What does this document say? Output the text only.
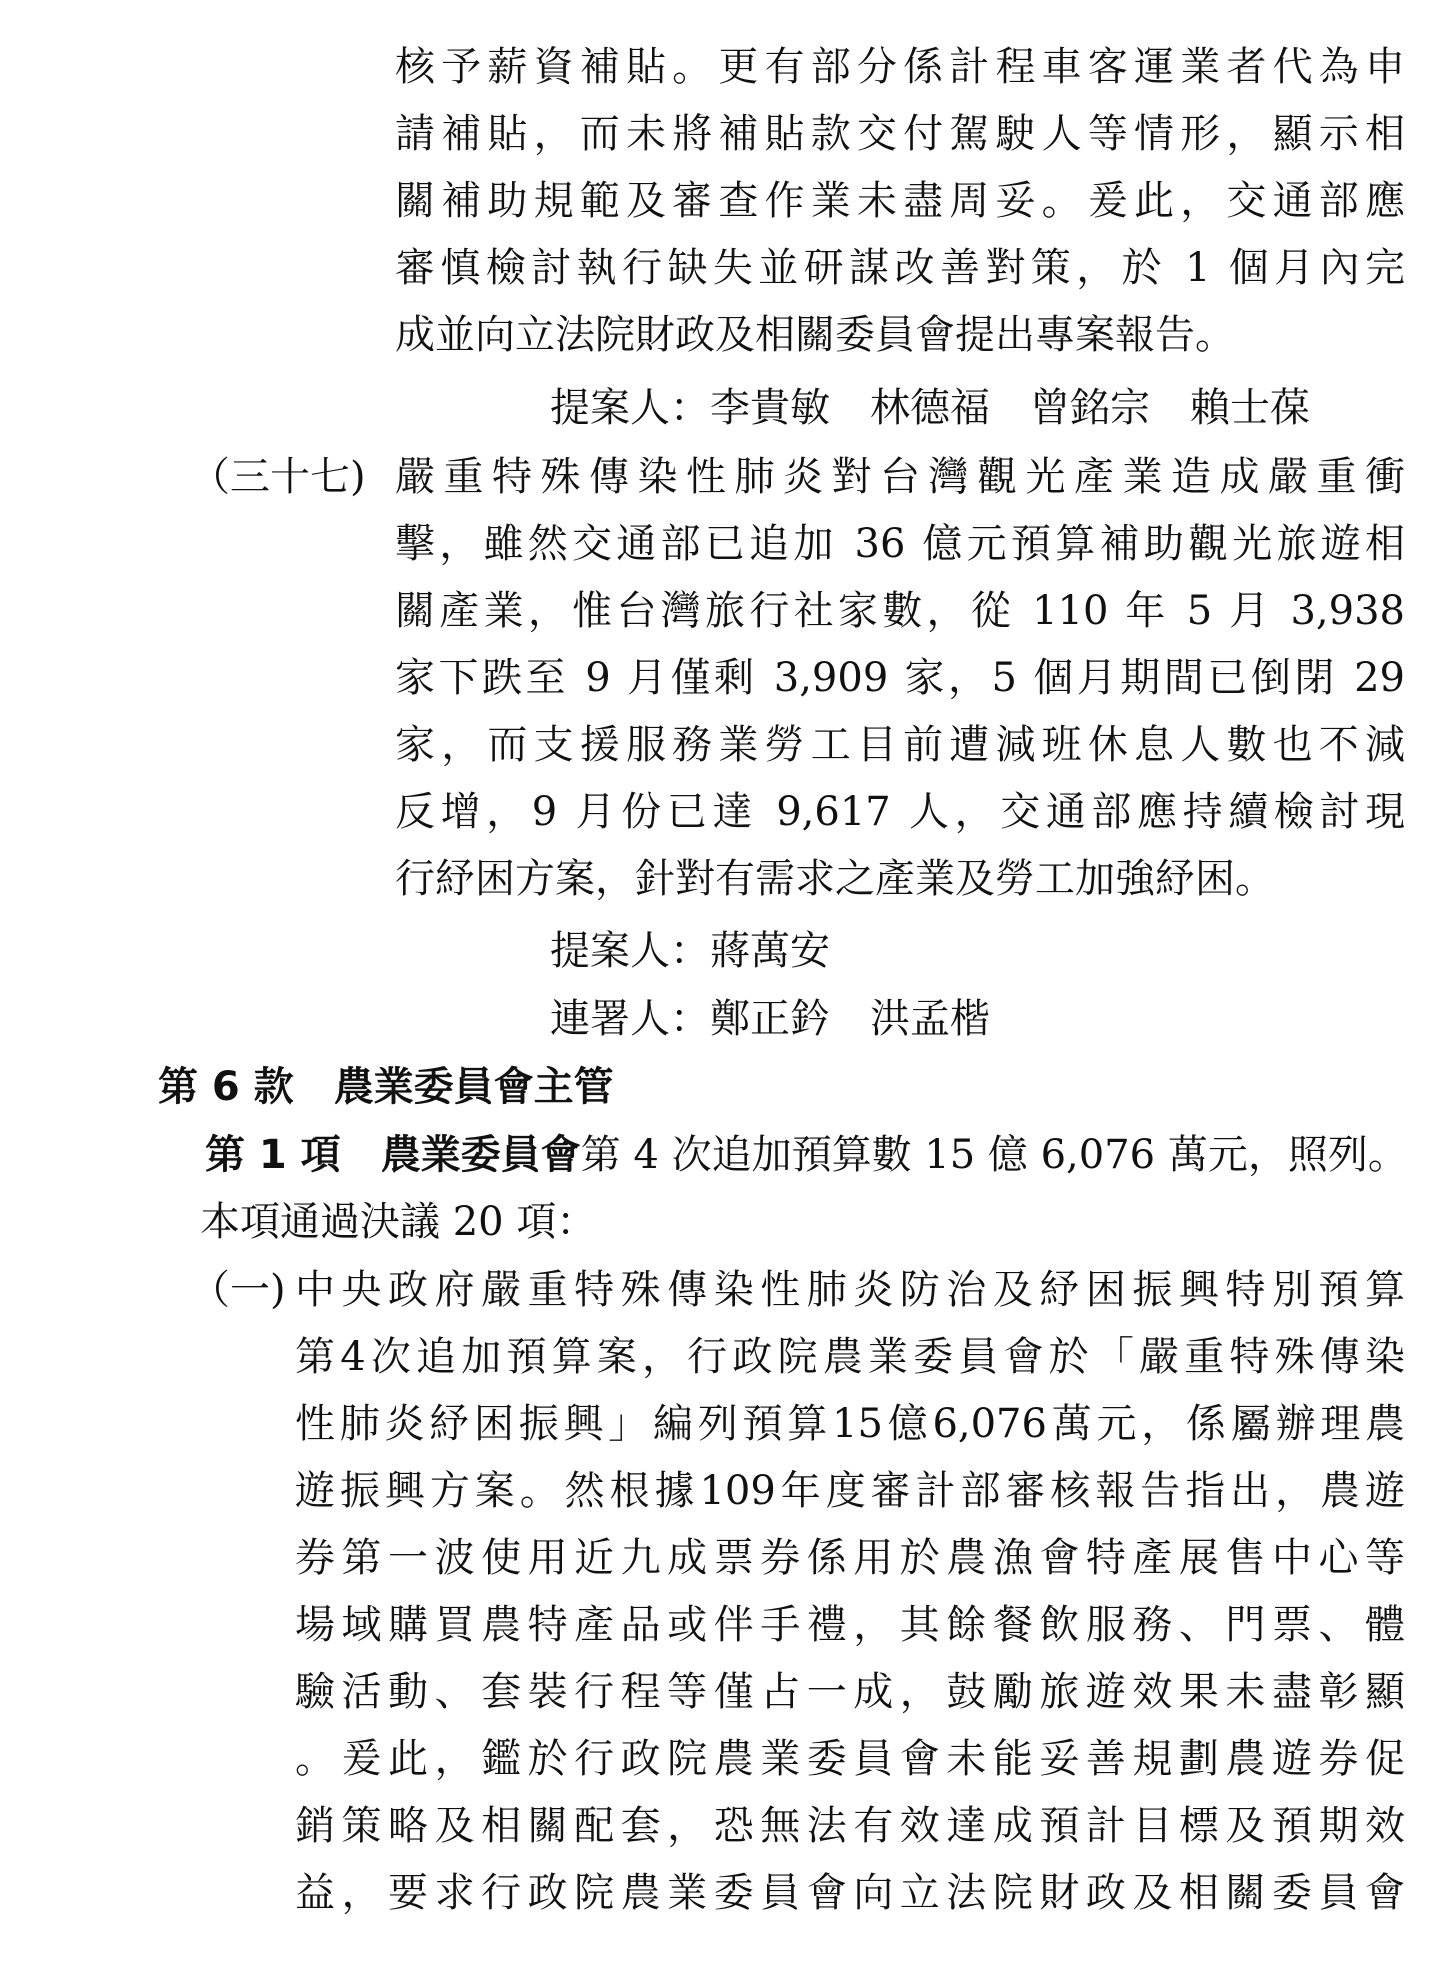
核予薪資補貼。更有部分係計程車客運業者代為申
請補貼，而未將補貼款交付駕駛人等情形，顯示相
關補助規範及審查作業未盡周妥。爰此，交通部應
審慎檢討執行缺失並研謀改善對策，於 1 個月內完
成並向立法院財政及相關委員會提出專案報告。
提案人：李貴敏　林德福　曾銘宗　賴士葆
（三十七) 嚴重特殊傳染性肺炎對台灣觀光產業造成嚴重衝
擊，雖然交通部已追加 36 億元預算補助觀光旅遊相
關產業，惟台灣旅行社家數，從 110 年 5 月 3,938
家下跌至 9 月僅剩 3,909 家，5 個月期間已倒閉 29
家，而支援服務業勞工目前遭減班休息人數也不減
反增，9 月份已達 9,617 人，交通部應持續檢討現
行紓困方案，針對有需求之產業及勞工加強紓困。
提案人：蔣萬安
連署人：鄭正鈐　洪孟楷
第 6 款 農業委員會主管
第 1 項 農業委員會第 4 次追加預算數 15 億 6,076 萬元，照列。
本項通過決議 20 項：
（一) 中央政府嚴重特殊傳染性肺炎防治及紓困振興特別預算
第4次追加預算案，行政院農業委員會於「嚴重特殊傳染
性肺炎紓困振興」編列預算15億6,076萬元，係屬辦理農
遊振興方案。然根據109年度審計部審核報告指出，農遊
券第一波使用近九成票券係用於農漁會特產展售中心等
場域購買農特產品或伴手禮，其餘餐飲服務、門票、體
驗活動、套裝行程等僅占一成，鼓勵旅遊效果未盡彰顯
。爰此，鑑於行政院農業委員會未能妥善規劃農遊券促
銷策略及相關配套，恐無法有效達成預計目標及預期效
益，要求行政院農業委員會向立法院財政及相關委員會
